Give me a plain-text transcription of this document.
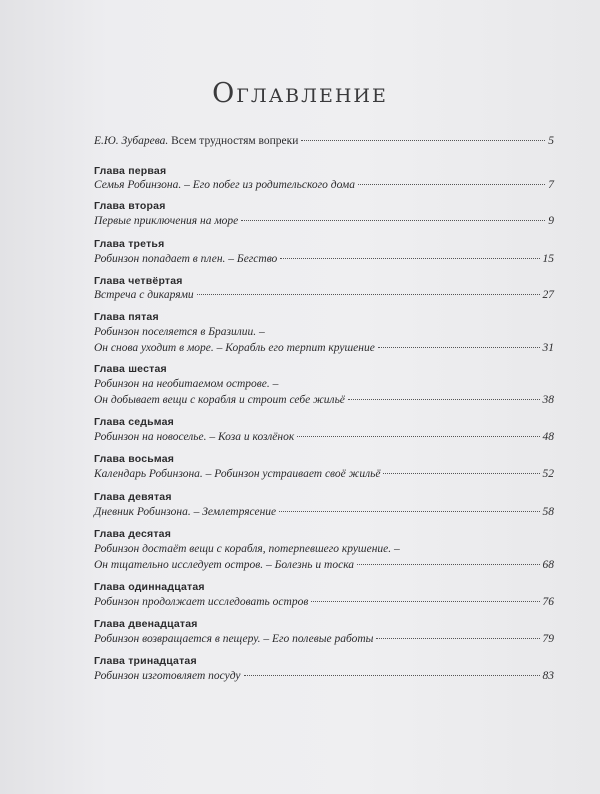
Оглавление
Е.Ю. Зубарева. Всем трудностям вопреки	5
Глава первая
Семья Робинзона. – Его побег из родительского дома	7
Глава вторая
Первые приключения на море	9
Глава третья
Робинзон попадает в плен. – Бегство	15
Глава четвёртая
Встреча с дикарями	27
Глава пятая
Робинзон поселяется в Бразилии. –
Он снова уходит в море. – Корабль его терпит крушение	31
Глава шестая
Робинзон на необитаемом острове. –
Он добывает вещи с корабля и строит себе жильё	38
Глава седьмая
Робинзон на новоселье. – Коза и козлёнок	48
Глава восьмая
Календарь Робинзона. – Робинзон устраивает своё жильё	52
Глава девятая
Дневник Робинзона. – Землетрясение	58
Глава десятая
Робинзон достаёт вещи с корабля, потерпевшего крушение. –
Он тщательно исследует остров. – Болезнь и тоска	68
Глава одиннадцатая
Робинзон продолжает исследовать остров	76
Глава двенадцатая
Робинзон возвращается в пещеру. – Его полевые работы	79
Глава тринадцатая
Робинзон изготовляет посуду	83
